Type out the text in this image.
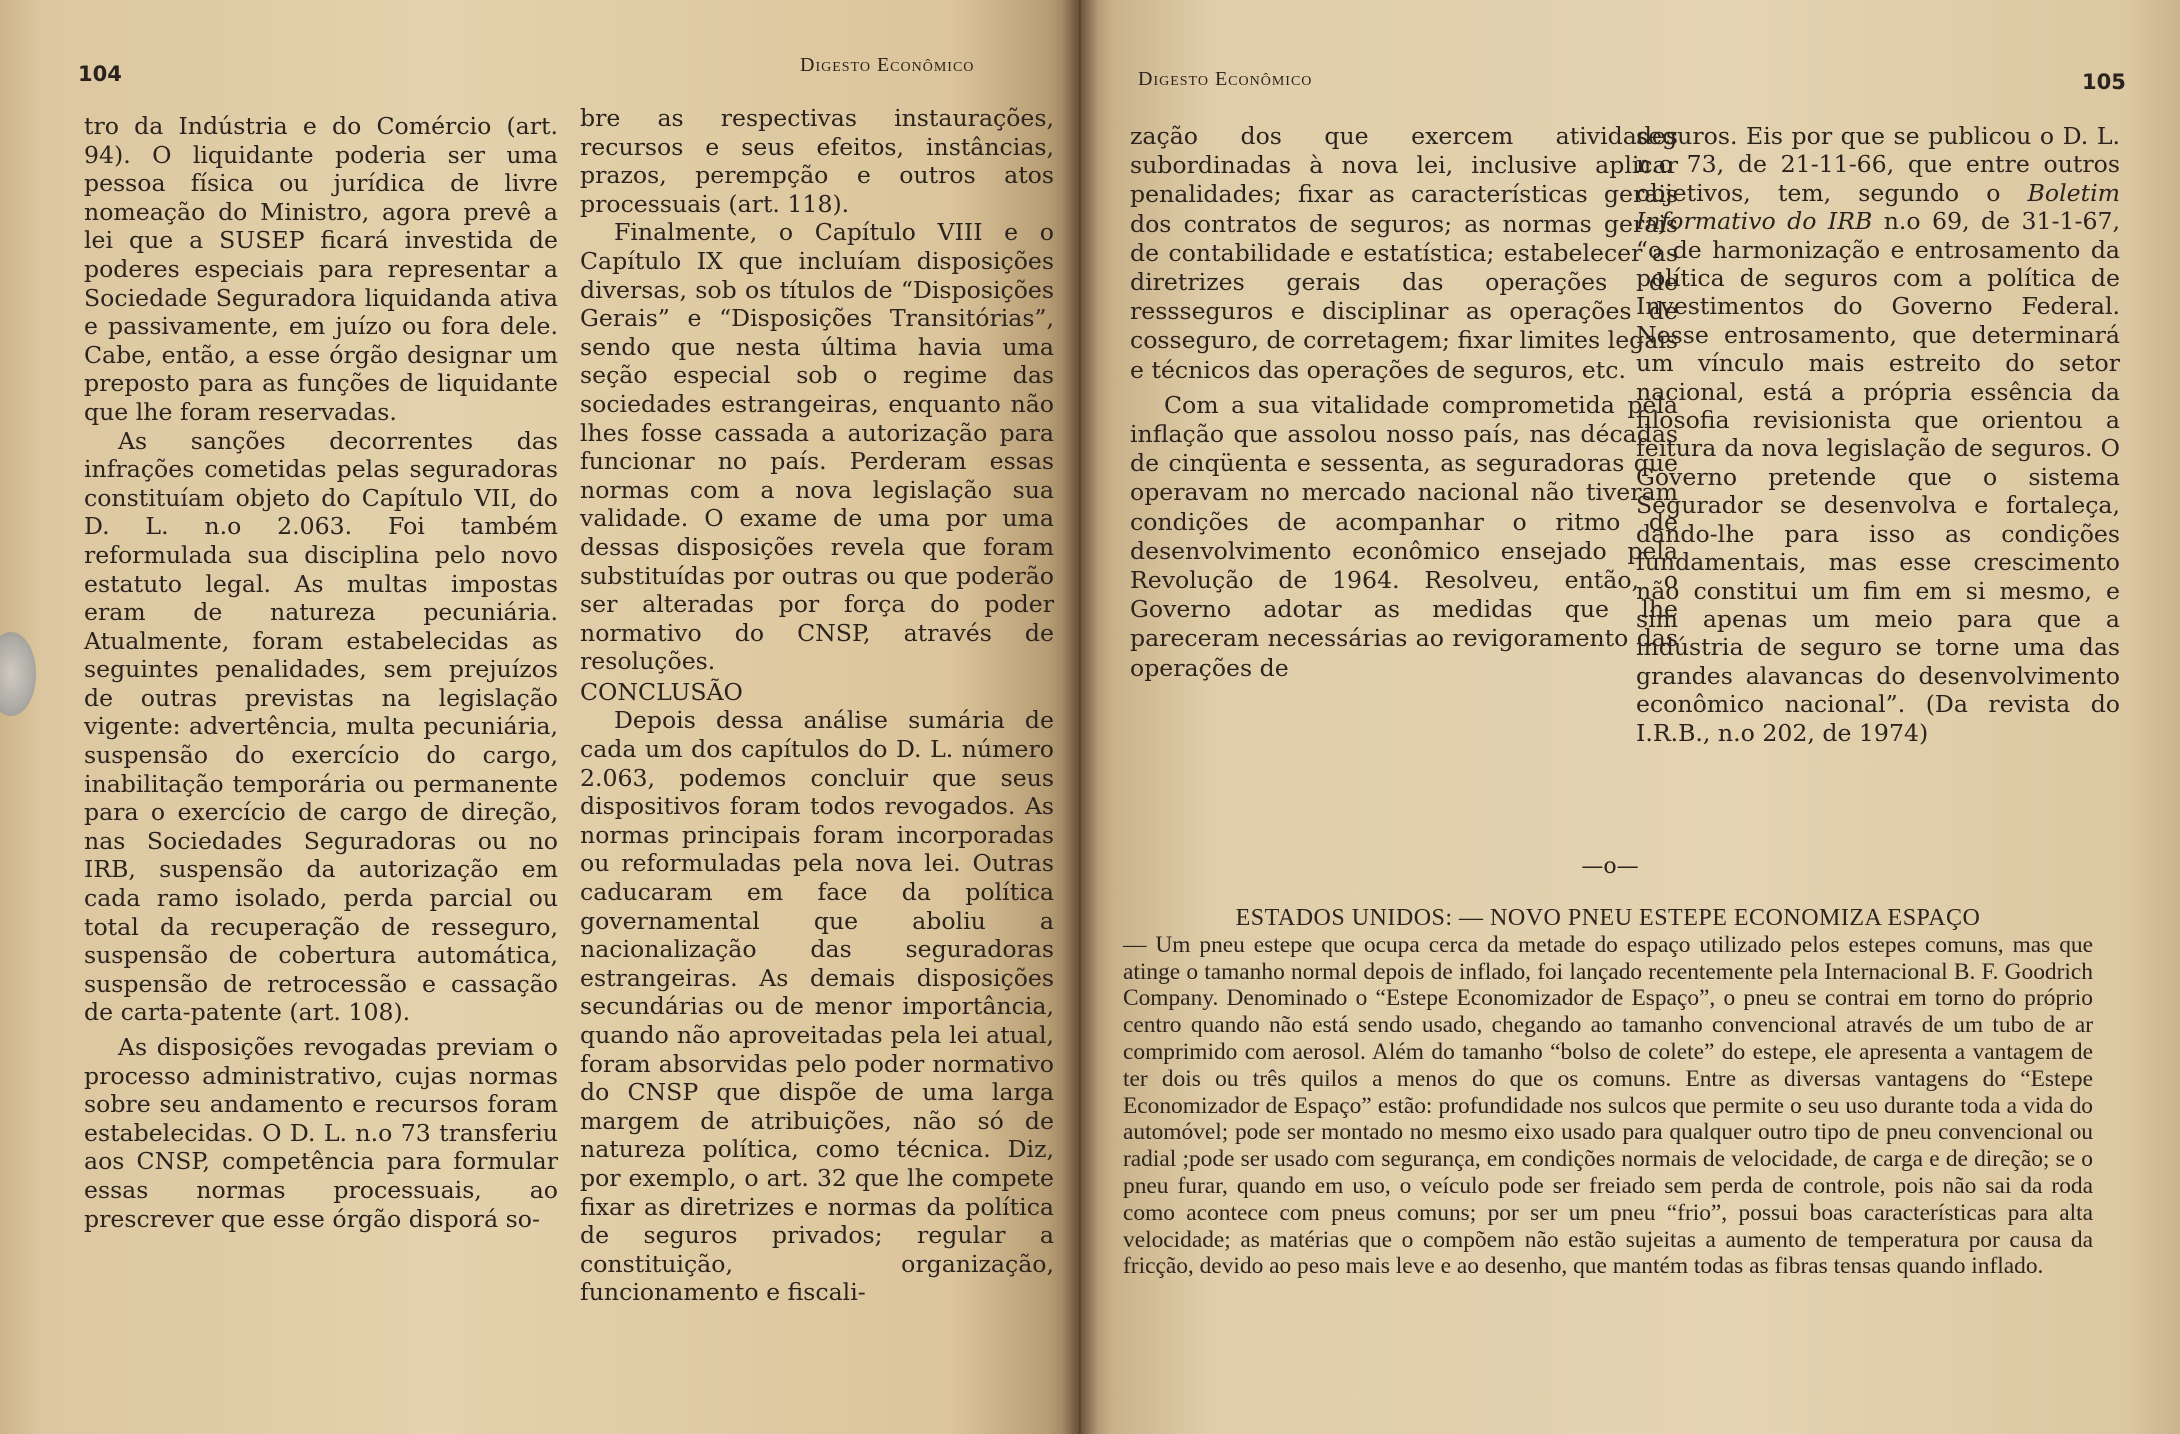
104	Digesto Econômico

tro da Indústria e do Comércio (art. 94). O liquidante poderia ser uma pessoa física ou jurídica de livre nomeação do Ministro, agora prevê a lei que a SUSEP ficará investida de poderes especiais para representar a Sociedade Seguradora liquidanda ativa e passivamente, em juízo ou fora dele. Cabe, então, a esse órgão designar um preposto para as funções de liquidante que lhe foram reservadas.

As sanções decorrentes das infrações cometidas pelas seguradoras constituíam objeto do Capítulo VII, do D. L. n.o 2.063. Foi também reformulada sua disciplina pelo novo estatuto legal. As multas impostas eram de natureza pecuniária. Atualmente, foram estabelecidas as seguintes penalidades, sem prejuízos de outras previstas na legislação vigente: advertência, multa pecuniária, suspensão do exercício do cargo, inabilitação temporária ou permanente para o exercício de cargo de direção, nas Sociedades Seguradoras ou no IRB, suspensão da autorização em cada ramo isolado, perda parcial ou total da recuperação de resseguro, suspensão de cobertura automática, suspensão de retrocessão e cassação de carta-patente (art. 108).

As disposições revogadas previam o processo administrativo, cujas normas sobre seu andamento e recursos foram estabelecidas. O D. L. n.o 73 transferiu aos CNSP, competência para formular essas normas processuais, ao prescrever que esse órgão disporá so-

bre as respectivas instaurações, recursos e seus efeitos, instâncias, prazos, perempção e outros atos processuais (art. 118).

Finalmente, o Capítulo VIII e o Capítulo IX que incluíam disposições diversas, sob os títulos de “Disposições Gerais” e “Disposições Transitórias”, sendo que nesta última havia uma seção especial sob o regime das sociedades estrangeiras, enquanto não lhes fosse cassada a autorização para funcionar no país. Perderam essas normas com a nova legislação sua validade. O exame de uma por uma dessas disposições revela que foram substituídas por outras ou que poderão ser alteradas por força do poder normativo do CNSP, através de resoluções.

CONCLUSÃO

Depois dessa análise sumária de cada um dos capítulos do D. L. número 2.063, podemos concluir que seus dispositivos foram todos revogados. As normas principais foram incorporadas ou reformuladas pela nova lei. Outras caducaram em face da política governamental que aboliu a nacionalização das seguradoras estrangeiras. As demais disposições secundárias ou de menor importância, quando não aproveitadas pela lei atual, foram absorvidas pelo poder normativo do CNSP que dispõe de uma larga margem de atribuições, não só de natureza política, como técnica. Diz, por exemplo, o art. 32 que lhe compete fixar as diretrizes e normas da política de seguros privados; regular a constituição, organização, funcionamento e fiscali-

Digesto Econômico	105

zação dos que exercem atividades subordinadas à nova lei, inclusive aplicar penalidades; fixar as características gerais dos contratos de seguros; as normas gerais de contabilidade e estatística; estabelecer as diretrizes gerais das operações de ressseguros e disciplinar as operações de cosseguro, de corretagem; fixar limites legais e técnicos das operações de seguros, etc.

Com a sua vitalidade comprometida pela inflação que assolou nosso país, nas décadas de cinqüenta e sessenta, as seguradoras que operavam no mercado nacional não tiveram condições de acompanhar o ritmo de desenvolvimento econômico ensejado pela Revolução de 1964. Resolveu, então, o Governo adotar as medidas que lhe pareceram necessárias ao revigoramento das operações de

seguros. Eis por que se publicou o D. L. n.o 73, de 21-11-66, que entre outros objetivos, tem, segundo o Boletim Informativo do IRB n.o 69, de 31-1-67, “o de harmonização e entrosamento da política de seguros com a política de Investimentos do Governo Federal. Nesse entrosamento, que determinará um vínculo mais estreito do setor nacional, está a própria essência da filosofia revisionista que orientou a feitura da nova legislação de seguros. O Governo pretende que o sistema Segurador se desenvolva e fortaleça, dando-lhe para isso as condições fundamentais, mas esse crescimento não constitui um fim em si mesmo, e sim apenas um meio para que a indústria de seguro se torne uma das grandes alavancas do desenvolvimento econômico nacional”. (Da revista do I.R.B., n.o 202, de 1974)

—o—
ESTADOS UNIDOS: — NOVO PNEU ESTEPE ECONOMIZA ESPAÇO
— Um pneu estepe que ocupa cerca da metade do espaço utilizado pelos estepes comuns, mas que atinge o tamanho normal depois de inflado, foi lançado recentemente pela Internacional B. F. Goodrich Company. Denominado o “Estepe Economizador de Espaço”, o pneu se contrai em torno do próprio centro quando não está sendo usado, chegando ao tamanho convencional através de um tubo de ar comprimido com aerosol. Além do tamanho “bolso de colete” do estepe, ele apresenta a vantagem de ter dois ou três quilos a menos do que os comuns. Entre as diversas vantagens do “Estepe Economizador de Espaço” estão: profundidade nos sulcos que permite o seu uso durante toda a vida do automóvel; pode ser montado no mesmo eixo usado para qualquer outro tipo de pneu convencional ou radial ;pode ser usado com segurança, em condições normais de velocidade, de carga e de direção; se o pneu furar, quando em uso, o veículo pode ser freiado sem perda de controle, pois não sai da roda como acontece com pneus comuns; por ser um pneu “frio”, possui boas características para alta velocidade; as matérias que o compõem não estão sujeitas a aumento de temperatura por causa da fricção, devido ao peso mais leve e ao desenho, que mantém todas as fibras tensas quando inflado.
